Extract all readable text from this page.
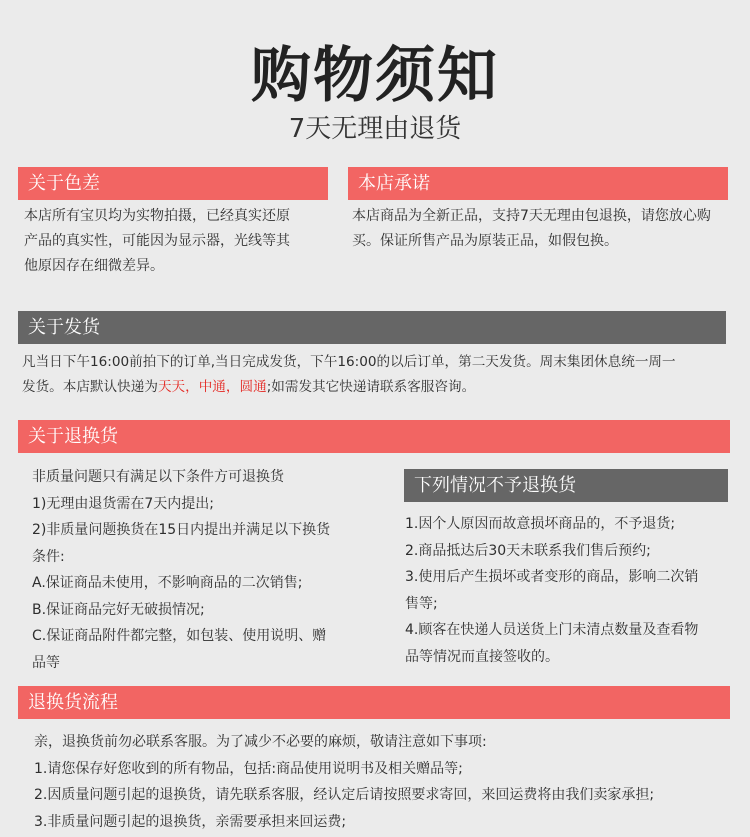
购物须知
7天无理由退货
关于色差

本店所有宝贝均为实物拍摄，已经真实还原

产品的真实性，可能因为显示器，光线等其

他原因存在细微差异。

本店承诺

本店商品为全新正品，支持7天无理由包退换，请您放心购

买。保证所售产品为原装正品，如假包换。

关于发货

凡当日下午16:00前拍下的订单,当日完成发货，下午16:00的以后订单，第二天发货。周末集团休息统一周一

发货。本店默认快递为天天，中通，圆通;如需发其它快递请联系客服咨询。

关于退换货

非质量问题只有满足以下条件方可退换货

1)无理由退货需在7天内提出;

2)非质量问题换货在15日内提出并满足以下换货

条件:

A.保证商品未使用，不影响商品的二次销售;

B.保证商品完好无破损情况;

C.保证商品附件都完整，如包装、使用说明、赠

品等

下列情况不予退换货

1.因个人原因而故意损坏商品的，不予退货;

2.商品抵达后30天未联系我们售后预约;

3.使用后产生损坏或者变形的商品，影响二次销

售等;

4.顾客在快递人员送货上门未清点数量及查看物

品等情况而直接签收的。

退换货流程

亲，退换货前勿必联系客服。为了减少不必要的麻烦，敬请注意如下事项:

1.请您保存好您收到的所有物品，包括:商品使用说明书及相关赠品等;

2.因质量问题引起的退换货，请先联系客服，经认定后请按照要求寄回，来回运费将由我们卖家承担;

3.非质量问题引起的退换货，亲需要承担来回运费;
